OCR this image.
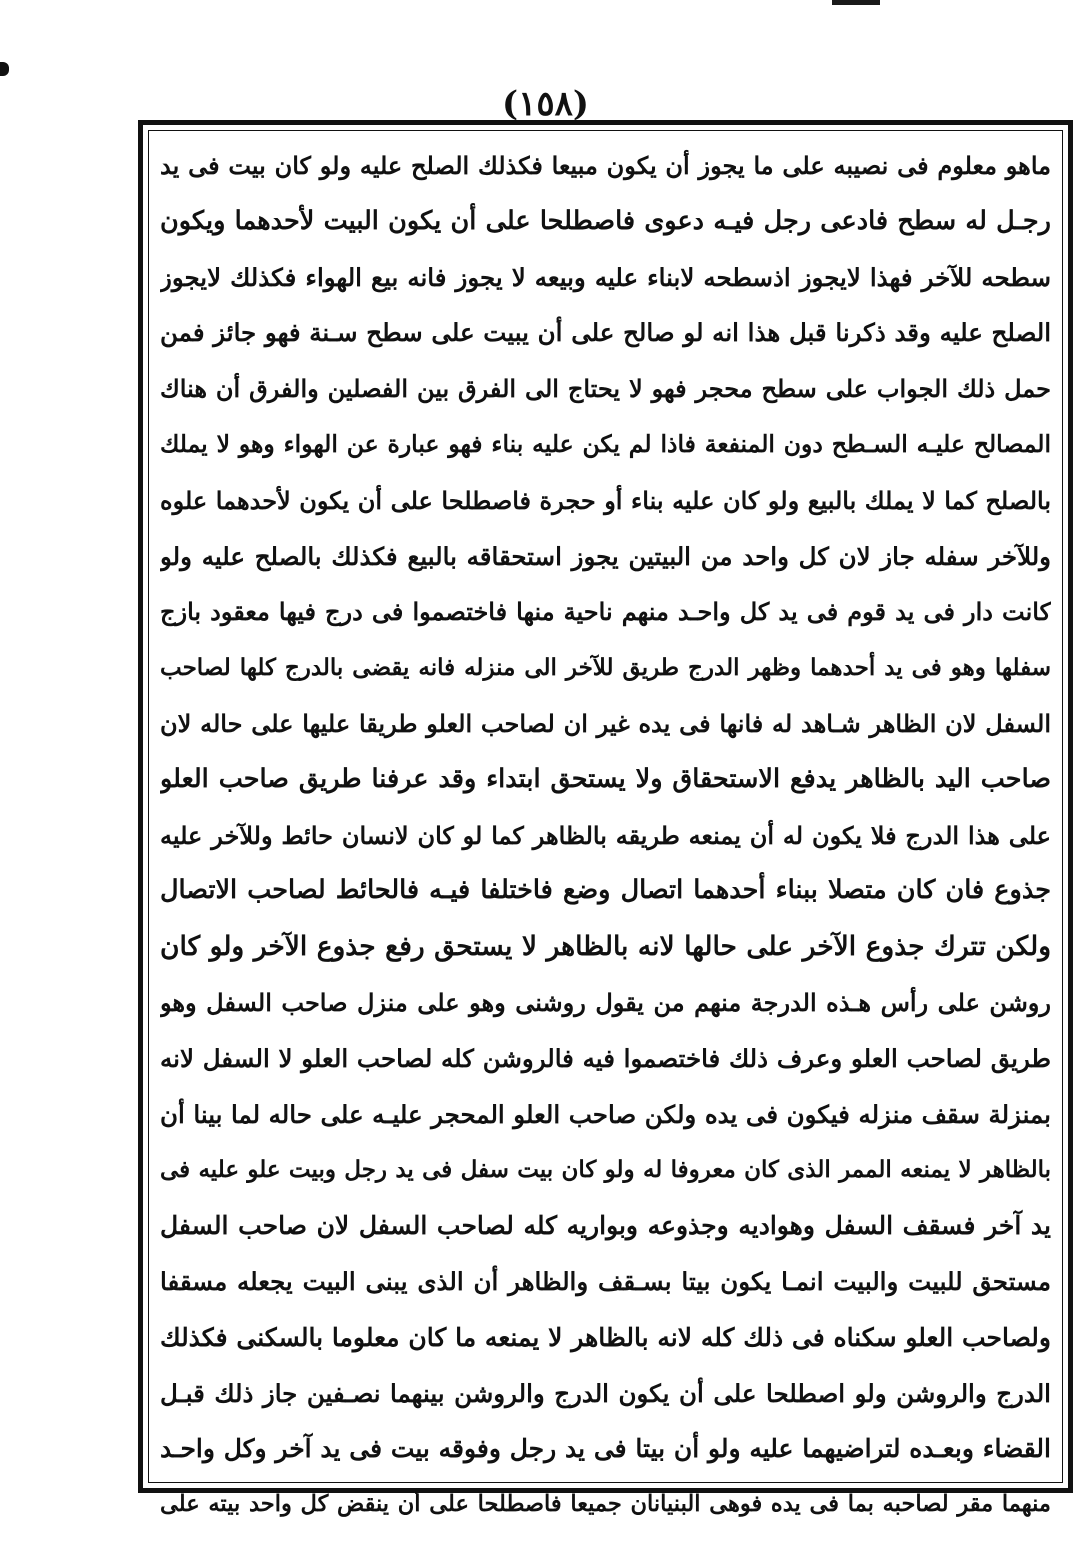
(١٥٨)
ماهو معلوم فى نصيبه على ما يجوز أن يكون مبيعا فكذلك الصلح عليه ولو كان بيت فى يد
رجـل له سطح فادعى رجل فيـه دعوى فاصطلحا على أن يكون البيت لأحدهما ويكون
سطحه للآخر فهذا لايجوز اذسطحه لابناء عليه وبيعه لا يجوز فانه بيع الهواء فكذلك لايجوز
الصلح عليه وقد ذكرنا قبل هذا انه لو صالح على أن يبيت على سطح سـنة فهو جائز فمن
حمل ذلك الجواب على سطح محجر فهو لا يحتاج الى الفرق بين الفصلين والفرق أن هناك
المصالح عليـه السـطح دون المنفعة فاذا لم يكن عليه بناء فهو عبارة عن الهواء وهو لا يملك
بالصلح كما لا يملك بالبيع ولو كان عليه بناء أو حجرة فاصطلحا على أن يكون لأحدهما علوه
وللآخر سفله جاز لان كل واحد من البيتين يجوز استحقاقه بالبيع فكذلك بالصلح عليه ولو
كانت دار فى يد قوم فى يد كل واحـد منهم ناحية منها فاختصموا فى درج فيها معقود بازج
سفلها وهو فى يد أحدهما وظهر الدرج طريق للآخر الى منزله فانه يقضى بالدرج كلها لصاحب
السفل لان الظاهر شـاهد له فانها فى يده غير ان لصاحب العلو طريقا عليها على حاله لان
صاحب اليد بالظاهر يدفع الاستحقاق ولا يستحق ابتداء وقد عرفنا طريق صاحب العلو
على هذا الدرج فلا يكون له أن يمنعه طريقه بالظاهر كما لو كان لانسان حائط وللآخر عليه
جذوع فان كان متصلا ببناء أحدهما اتصال وضع فاختلفا فيـه فالحائط لصاحب الاتصال
ولكن تترك جذوع الآخر على حالها لانه بالظاهر لا يستحق رفع جذوع الآخر ولو كان
روشن على رأس هـذه الدرجة منهم من يقول روشنى وهو على منزل صاحب السفل وهو
طريق لصاحب العلو وعرف ذلك فاختصموا فيه فالروشن كله لصاحب العلو لا السفل لانه
بمنزلة سقف منزله فيكون فى يده ولكن صاحب العلو المحجر عليـه على حاله لما بينا أن
بالظاهر لا يمنعه الممر الذى كان معروفا له ولو كان بيت سفل فى يد رجل وبيت علو عليه فى
يد آخر فسقف السفل وهواديه وجذوعه وبواريه كله لصاحب السفل لان صاحب السفل
مستحق للبيت والبيت انمـا يكون بيتا بسـقف والظاهر أن الذى يبنى البيت يجعله مسقفا
ولصاحب العلو سكناه فى ذلك كله لانه بالظاهر لا يمنعه ما كان معلوما بالسكنى فكذلك
الدرج والروشن ولو اصطلحا على أن يكون الدرج والروشن بينهما نصـفين جاز ذلك قبـل
القضاء وبعـده لتراضيهما عليه ولو أن بيتا فى يد رجل وفوقه بيت فى يد آخر وكل واحـد
منهما مقر لصاحبه بما فى يده فوهى البنيانان جميعا فاصطلحا على أن ينقض كل واحد بيته على
